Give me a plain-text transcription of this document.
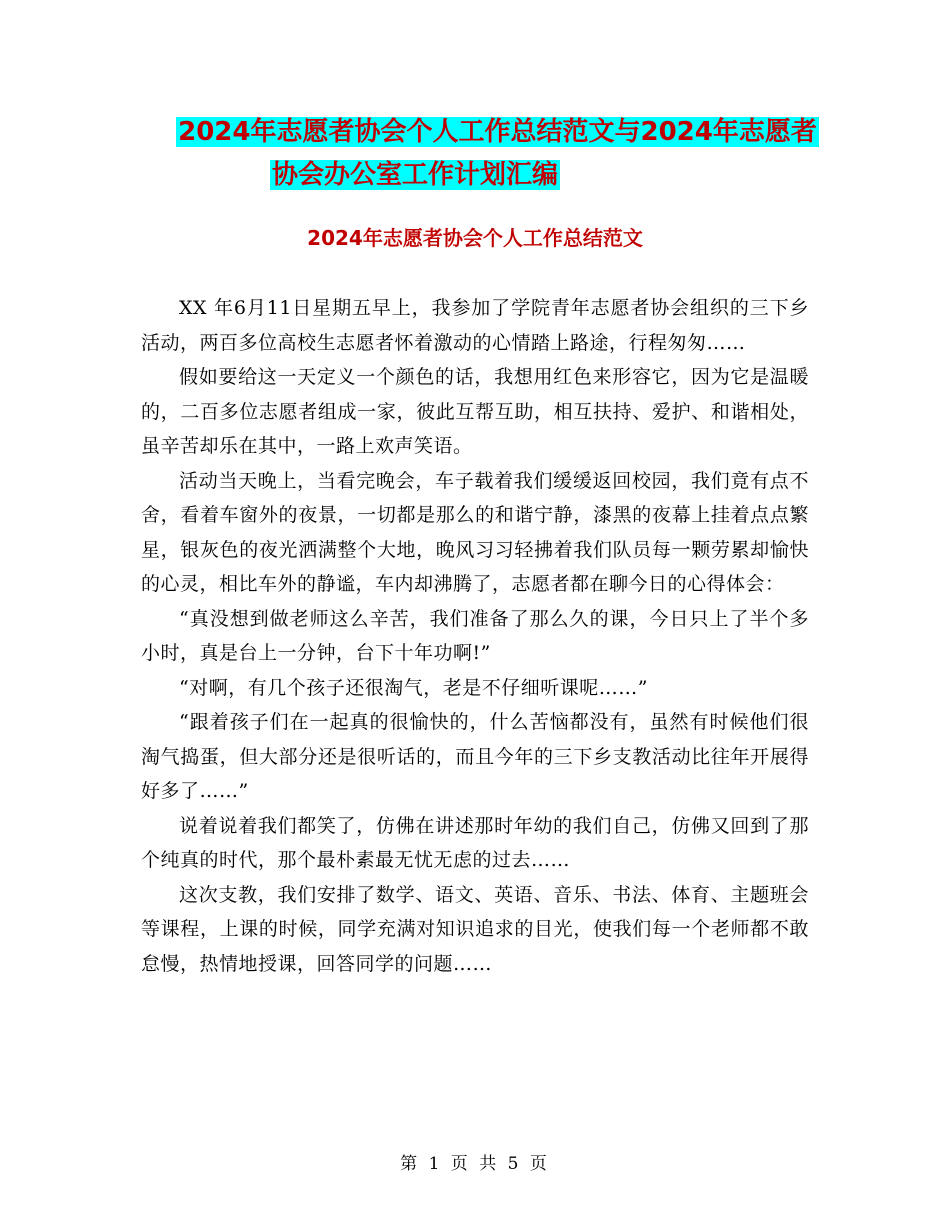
2024年志愿者协会个人工作总结范文与2024年志愿者
协会办公室工作计划汇编
2024年志愿者协会个人工作总结范文

XX 年6月11日星期五早上，我参加了学院青年志愿者协会组织的三下乡活动，两百多位高校生志愿者怀着激动的心情踏上路途，行程匆匆……

假如要给这一天定义一个颜色的话，我想用红色来形容它，因为它是温暖的，二百多位志愿者组成一家，彼此互帮互助，相互扶持、爱护、和谐相处，虽辛苦却乐在其中，一路上欢声笑语。

活动当天晚上，当看完晚会，车子载着我们缓缓返回校园，我们竟有点不舍，看着车窗外的夜景，一切都是那么的和谐宁静，漆黑的夜幕上挂着点点繁星，银灰色的夜光洒满整个大地，晚风习习轻拂着我们队员每一颗劳累却愉快的心灵，相比车外的静谧，车内却沸腾了，志愿者都在聊今日的心得体会：

“真没想到做老师这么辛苦，我们准备了那么久的课，今日只上了半个多小时，真是台上一分钟，台下十年功啊!”

“对啊，有几个孩子还很淘气，老是不仔细听课呢……”

“跟着孩子们在一起真的很愉快的，什么苦恼都没有，虽然有时候他们很淘气捣蛋，但大部分还是很听话的，而且今年的三下乡支教活动比往年开展得好多了……”

说着说着我们都笑了，仿佛在讲述那时年幼的我们自己，仿佛又回到了那个纯真的时代，那个最朴素最无忧无虑的过去……

这次支教，我们安排了数学、语文、英语、音乐、书法、体育、主题班会等课程，上课的时候，同学充满对知识追求的目光，使我们每一个老师都不敢怠慢，热情地授课，回答同学的问题……

第 1 页 共 5 页
